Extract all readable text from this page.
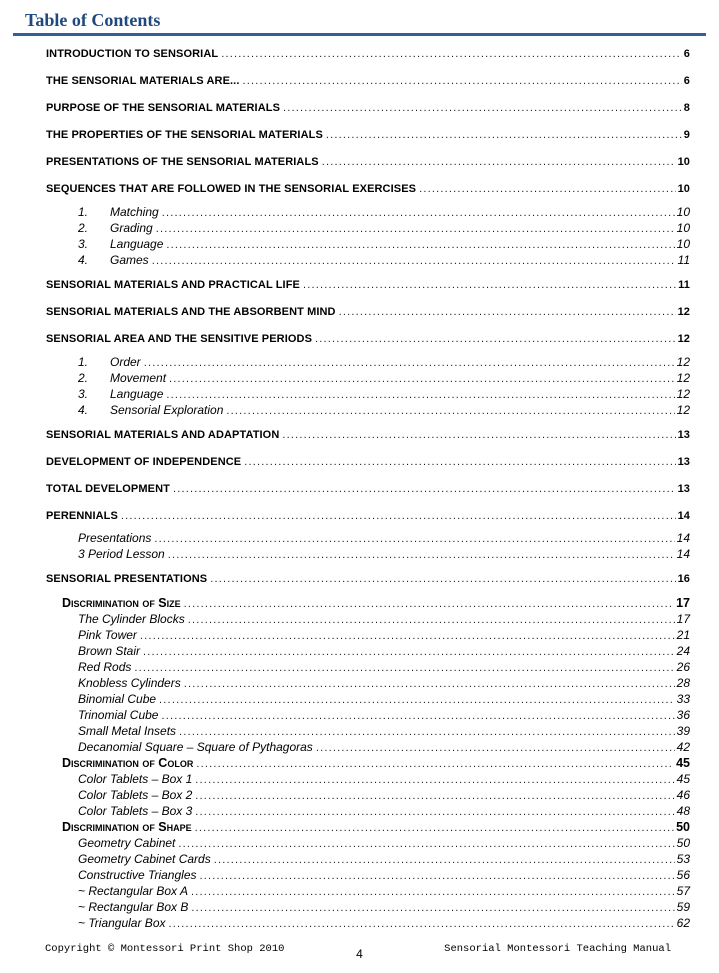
Table of Contents
INTRODUCTION TO SENSORIAL .....	6
THE SENSORIAL MATERIALS ARE... .....	6
PURPOSE OF THE SENSORIAL MATERIALS .....	8
THE PROPERTIES OF THE SENSORIAL MATERIALS .....	9
PRESENTATIONS OF THE SENSORIAL MATERIALS .....	10
SEQUENCES THAT ARE FOLLOWED IN THE SENSORIAL EXERCISES .....	10
1.	Matching .....	10
2.	Grading .....	10
3.	Language .....	10
4.	Games .....	11
SENSORIAL MATERIALS AND PRACTICAL LIFE .....	11
SENSORIAL MATERIALS AND THE ABSORBENT MIND .....	12
SENSORIAL AREA AND THE SENSITIVE PERIODS .....	12
1.	Order .....	12
2.	Movement .....	12
3.	Language .....	12
4.	Sensorial Exploration .....	12
SENSORIAL MATERIALS AND ADAPTATION .....	13
DEVELOPMENT OF INDEPENDENCE .....	13
TOTAL DEVELOPMENT .....	13
PERENNIALS .....	14
Presentations .....	14
3 Period Lesson .....	14
SENSORIAL PRESENTATIONS .....	16
Discrimination of Size .....	17
The Cylinder Blocks .....	17
Pink Tower .....	21
Brown Stair .....	24
Red Rods .....	26
Knobless Cylinders .....	28
Binomial Cube .....	33
Trinomial Cube .....	36
Small Metal Insets .....	39
Decanomial Square – Square of Pythagoras .....	42
Discrimination of Color .....	45
Color Tablets – Box 1 .....	45
Color Tablets – Box 2 .....	46
Color Tablets – Box 3 .....	48
Discrimination of Shape .....	50
Geometry Cabinet .....	50
Geometry Cabinet Cards .....	53
Constructive Triangles .....	56
~ Rectangular Box A .....	57
~ Rectangular Box B .....	59
~ Triangular Box .....	62
Copyright © Montessori Print Shop 2010	4	Sensorial Montessori Teaching Manual
